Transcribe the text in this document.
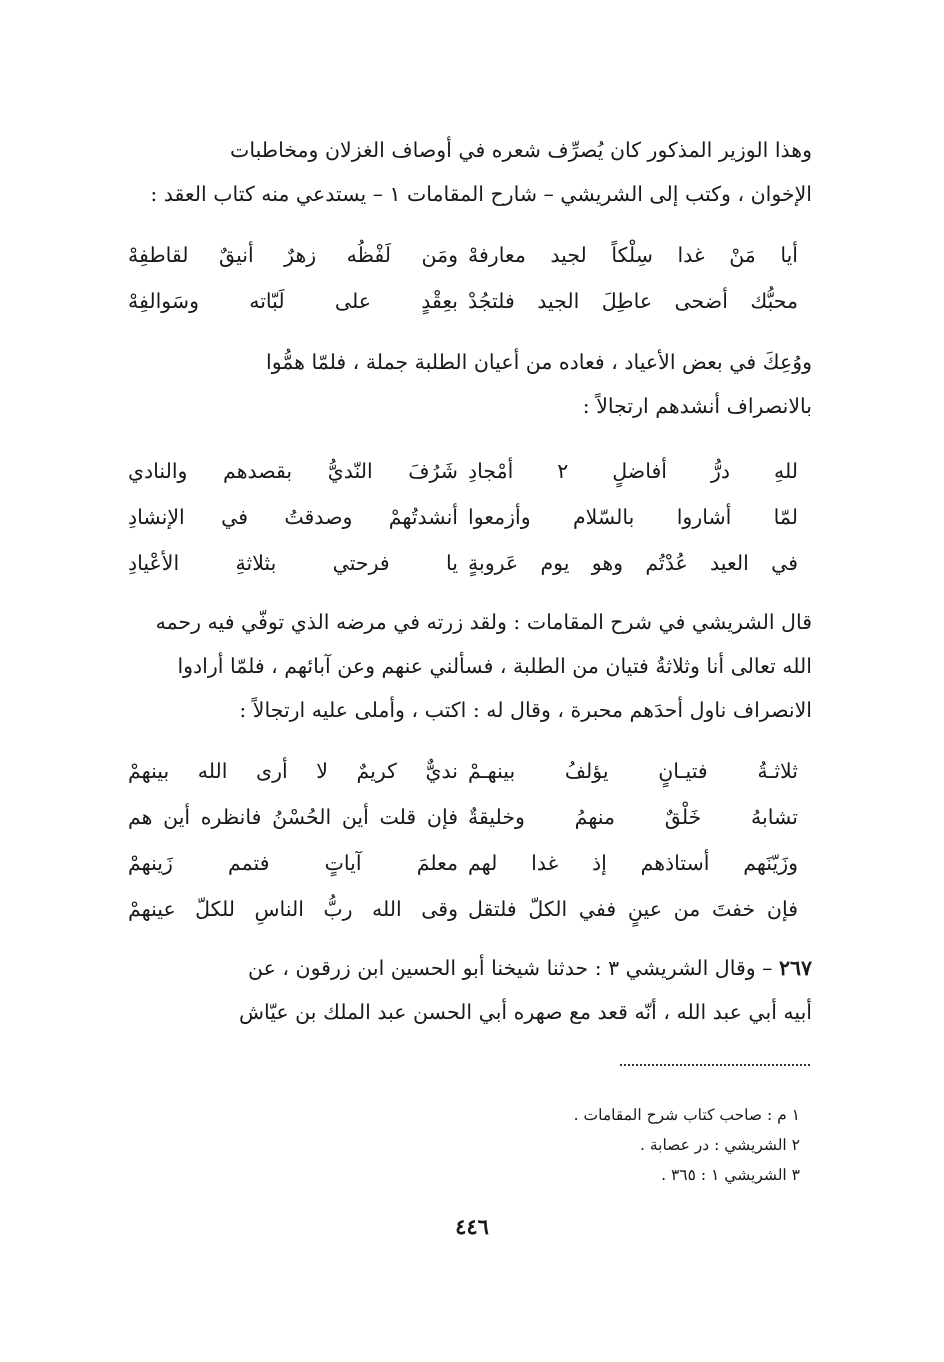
وهذا الوزير المذكور كان يُصرِّف شعره في أوصاف الغزلان ومخاطبات
الإخوان ، وكتب إلى الشريشي – شارح المقامات ١ – يستدعي منه كتاب العقد :
أيا مَنْ غدا سِلْكاً لجيد معارفهْ
ومَن لَفْظُه زهرٌ أنيقٌ لقاطفِهْ
محبُّك أضحى عاطِلَ الجيد فلتجُدْ
بعِقْدٍ على لَبّاته وسَوالفِهْ
ووُعِكَ في بعض الأعياد ، فعاده من أعيان الطلبة جملة ، فلمّا همُّوا
بالانصراف أنشدهم ارتجالاً :
للهِ درُّ أفاضلٍ ٢ أمْجادِ
شَرُفَ النّديُّ بقصدهم والنادي
لمّا أشاروا بالسّلام وأزمعوا
أنشدتُهمْ وصدقتُ في الإنشادِ
في العيد عُدْتُم وهو يوم عَروبةٍ
يا فرحتي بثلاثةِ الأعْيادِ
قال الشريشي في شرح المقامات : ولقد زرته في مرضه الذي توفّي فيه رحمه
الله تعالى أنا وثلاثةُ فتيان من الطلبة ، فسألني عنهم وعن آبائهم ، فلمّا أرادوا
الانصراف ناول أحدَهم محبرة ، وقال له : اكتب ، وأملى عليه ارتجالاً :
ثلاثـةُ فتيـانٍ يؤلفُ بينهـمْ
نديٌّ كريمٌ لا أرى الله بينهمْ
تشابهُ خَلْقٌ منهمُ وخليقةٌ
فإن قلت أين الحُسْنُ فانظره أين هم
وزَيّنَهم أستاذهم إذ غدا لهم
معلمَ آياتٍ فتمم زَينهمْ
فإن خفتَ من عينٍ ففي الكلّ فلتقل
وقى الله ربُّ الناسِ للكلّ عينهمْ
٢٦٧ – وقال الشريشي ٣ : حدثنا شيخنا أبو الحسين ابن زرقون ، عن
أبيه أبي عبد الله ، أنّه قعد مع صهره أبي الحسن عبد الملك بن عيّاش
١ م : صاحب كتاب شرح المقامات .
٢ الشريشي : در عصابة .
٣ الشريشي ١ : ٣٦٥ .
٤٤٦
